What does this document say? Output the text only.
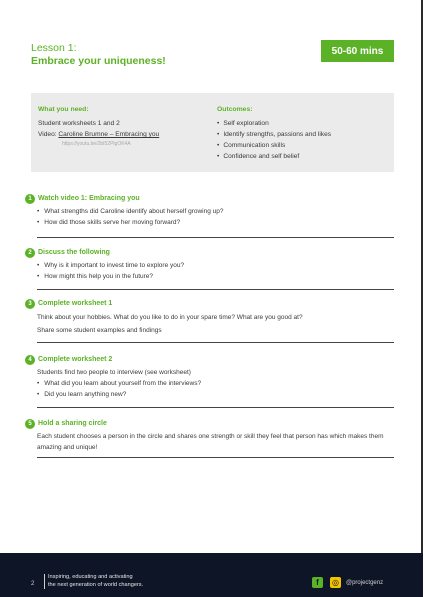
Lesson 1:
Embrace your uniqueness!
50-60 mins
What you need:
Student worksheets 1 and 2
Video: Caroline Brumne – Embracing you
https://youtu.be/2bI52PlgOK4A
Outcomes:
• Self exploration
• Identify strengths, passions and likes
• Communication skills
• Confidence and self belief
1 Watch video 1: Embracing you
• What strengths did Caroline identify about herself growing up?
• How did those skills serve her moving forward?
2 Discuss the following
• Why is it important to invest time to explore you?
• How might this help you in the future?
3 Complete worksheet 1
Think about your hobbies. What do you like to do in your spare time? What are you good at?
Share some student examples and findings
4 Complete worksheet 2
Students find two people to interview (see worksheet)
• What did you learn about yourself from the interviews?
• Did you learn anything new?
5 Hold a sharing circle
Each student chooses a person in the circle and shares one strength or skill they feel that person has which makes them amazing and unique!
2
Inspiring, educating and activating
the next generation of world changers.	f ◎ @projectgenz
